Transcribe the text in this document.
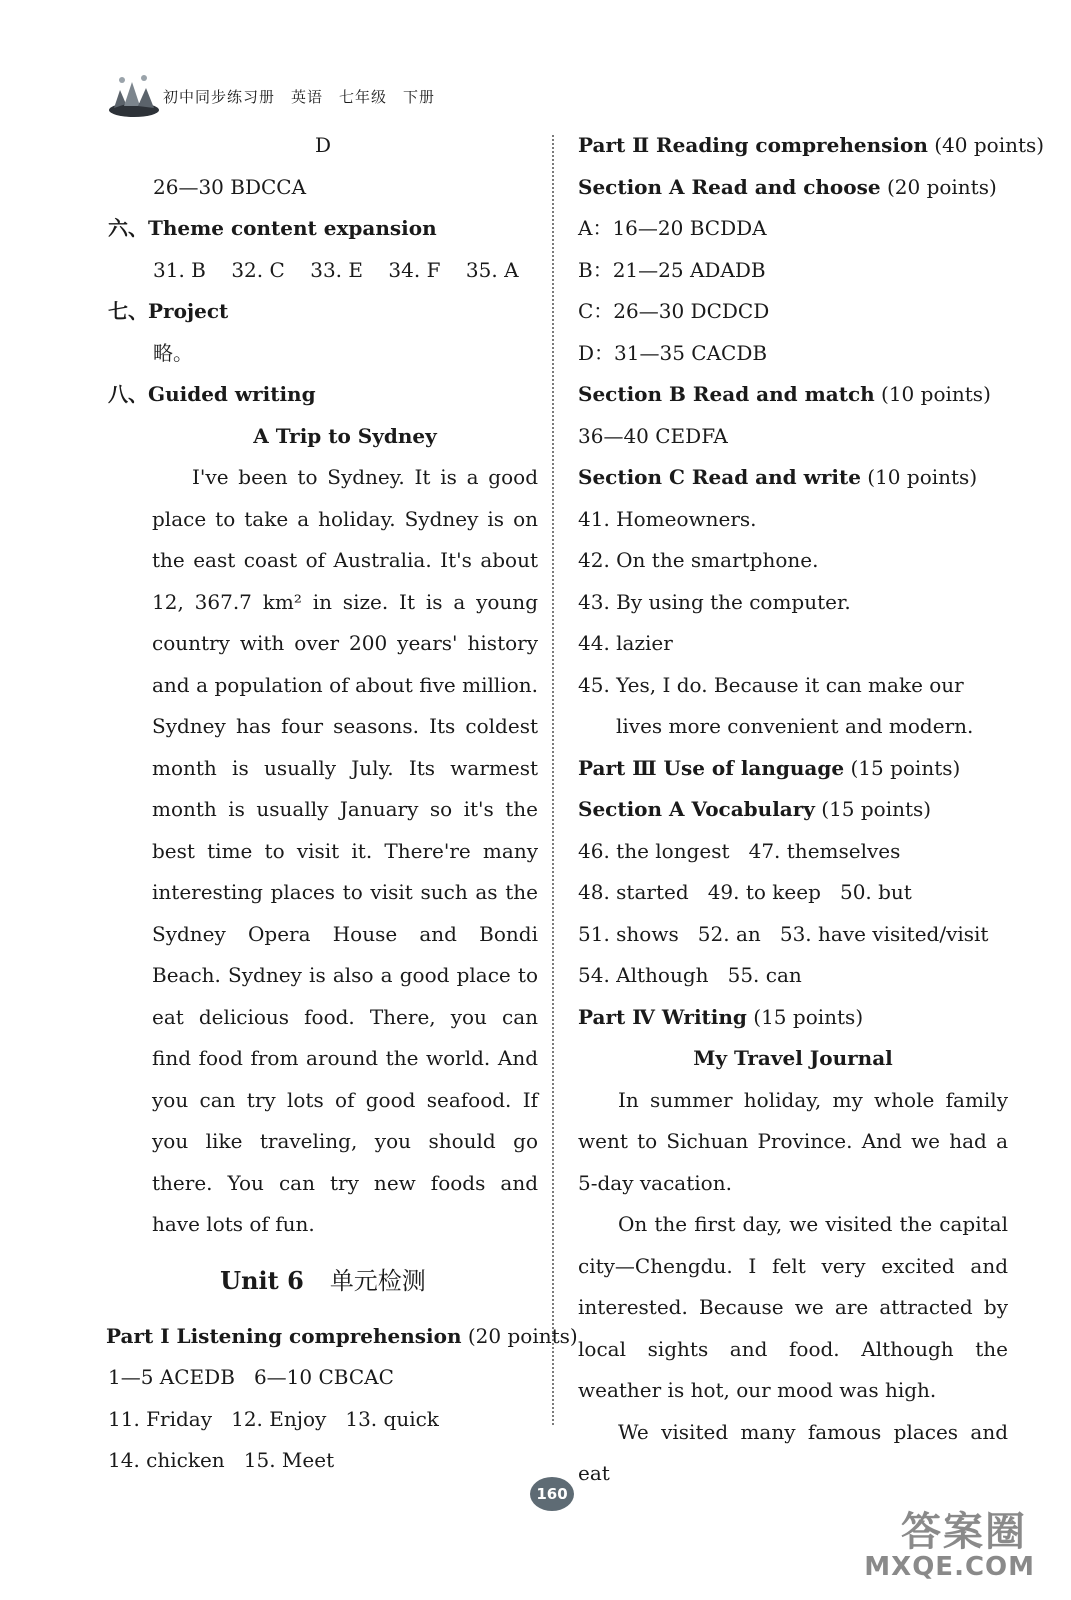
初中同步练习册　英语　七年级　下册
D
26—30 BDCCA
六、Theme content expansion
31. B 32. C 33. E 34. F 35. A
七、Project
略。
八、Guided writing
A Trip to Sydney

I've been to Sydney. It is a good place to take a holiday. Sydney is on the east coast of Australia. It's about 12, 367.7 km² in size. It is a young country with over 200 years' history and a population of about five million. Sydney has four seasons. Its coldest month is usually July. Its warmest month is usually January so it's the best time to visit it. There're many interesting places to visit such as the Sydney Opera House and Bondi Beach. Sydney is also a good place to eat delicious food. There, you can find food from around the world. And you can try lots of good seafood. If you like traveling, you should go there. You can try new foods and have lots of fun.

Unit 6 单元检测
Part Ⅰ Listening comprehension (20 points)
1—5 ACEDB   6—10 CBCAC
11. Friday   12. Enjoy   13. quick
14. chicken   15. Meet
Part Ⅱ Reading comprehension (40 points)
Section A Read and choose (20 points)
A：16—20 BCDDA
B：21—25 ADADB
C：26—30 DCDCD
D：31—35 CACDB
Section B Read and match (10 points)
36—40 CEDFA
Section C Read and write (10 points)
41. Homeowners.
42. On the smartphone.
43. By using the computer.
44. lazier
45. Yes, I do. Because it can make our lives more convenient and modern.
Part Ⅲ Use of language (15 points)
Section A Vocabulary (15 points)
46. the longest   47. themselves
48. started   49. to keep   50. but
51. shows   52. an   53. have visited/visit
54. Although   55. can
Part Ⅳ Writing (15 points)
My Travel Journal

In summer holiday, my whole family went to Sichuan Province. And we had a 5-day vacation.

On the first day, we visited the capital city—Chengdu. I felt very excited and interested. Because we are attracted by local sights and food. Although the weather is hot, our mood was high.

We visited many famous places and eat

160
答案圈
MXQE.COM
